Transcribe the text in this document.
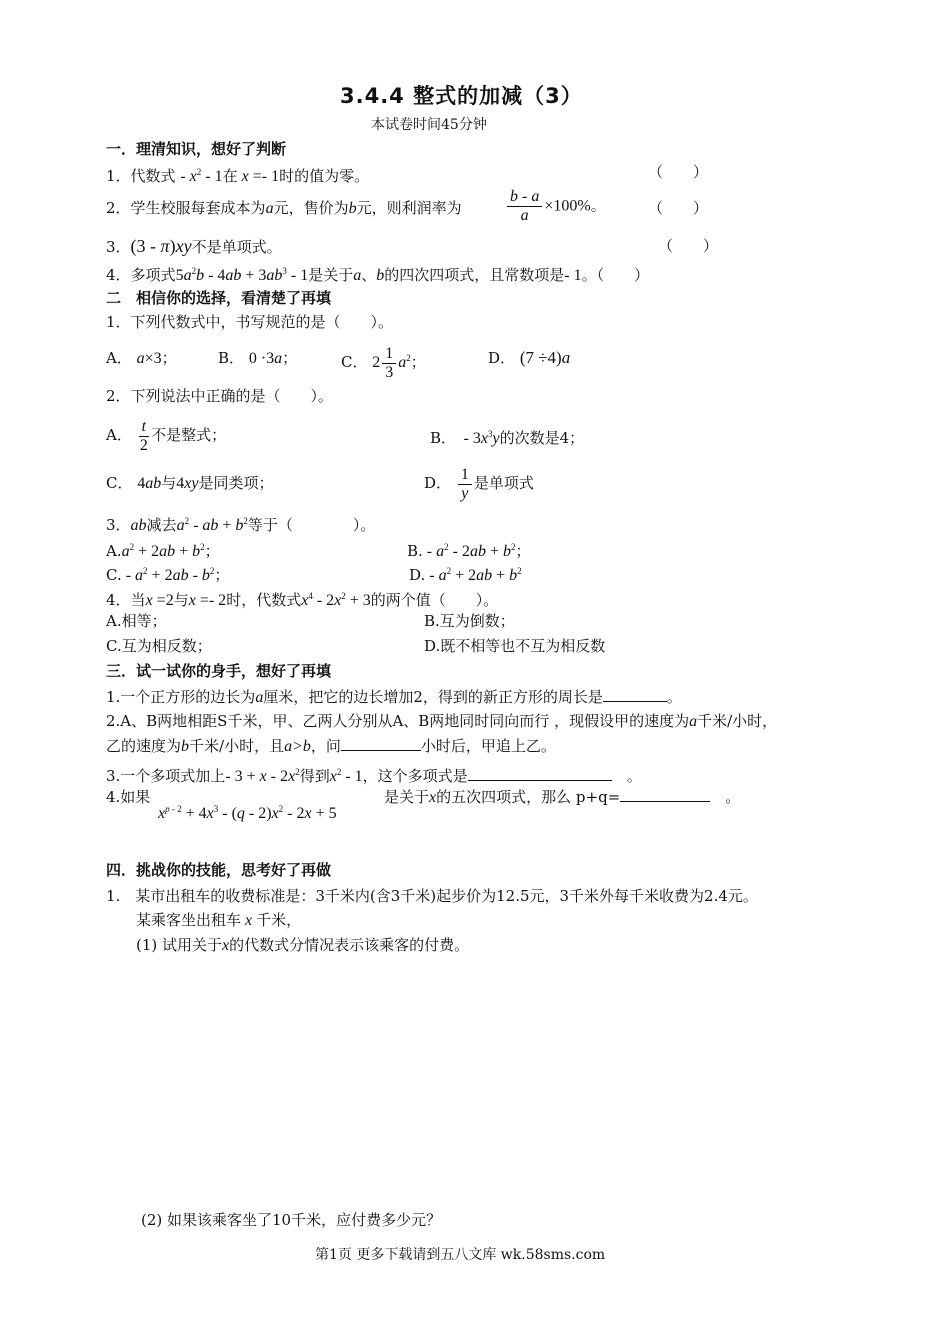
3.4.4 整式的加减（3）
本试卷时间45分钟
一．理清知识，想好了判断
1．代数式 - $x^2 - 1$在 x =- 1时的值为零。	（　　）
2．学生校服每套成本为a元，售价为b元，则利润率为	$\frac{b - a}{a} \times 100\%$。	（　　）
3．(3 - π)xy不是单项式。	（　　）
4．多项式$5a^2b - 4ab + 3ab^3 - 1$是关于a、b的四次四项式，且常数项是- 1。（　　）
二　相信你的选择，看清楚了再填
1．下列代数式中，书写规范的是（　　）。
A． a×3；	B． 0 ·3a；	C． $2 \frac{1}{3} a^2$；	D． (7 ÷4)a
2．下列说法中正确的是（　　）。
A． $\frac{t}{2}$ 不是整式；	B．　 - $3x^3y$的次数是4；
C． 4ab与4xy是同类项；	D． $\frac{1}{y}$ 是单项式
3．ab减去$a^2$ - ab + $b^2$等于（　　　　）。
$A.a^2 + 2ab + b^2$；	B. - $a^2 - 2ab + b^2$；
C. - $a^2 + 2ab - b^2$；	D. - $a^2 + 2ab + b^2$
4．当x =2与x =- 2时，代数式$x^4 - 2x^2 + 3$的两个值（　　）。
A.相等；	B.互为倒数；
C.互为相反数；	D.既不相等也不互为相反数
三．试一试你的身手，想好了再填
1.一个正方形的边长为a厘米，把它的边长增加2，得到的新正方形的周长是	。
2.A、B两地相距S千米，甲、乙两人分别从A、B两地同时同向而行 ，现假设甲的速度为a千米/小时，
乙的速度为b千米/小时，且a>b，问	小时后，甲追上乙。
3.一个多项式加上- $3 + x - 2x^2$得到$x^2 - 1$，这个多项式是　	。
4.如果
$x^{p - 2} + 4x^3 - (q - 2)x^2 - 2x + 5$
是关于x的五次四项式，那么 p+q=　	。
四．挑战你的技能，思考好了再做
1.　某市出租车的收费标准是：3千米内(含3千米)起步价为12.5元，3千米外每千米收费为2.4元。
某乘客坐出租车 x 千米，
(1) 试用关于x的代数式分情况表示该乘客的付费。
(2) 如果该乘客坐了10千米，应付费多少元？
第1页 更多下载请到五八文库 wk.58sms.com
